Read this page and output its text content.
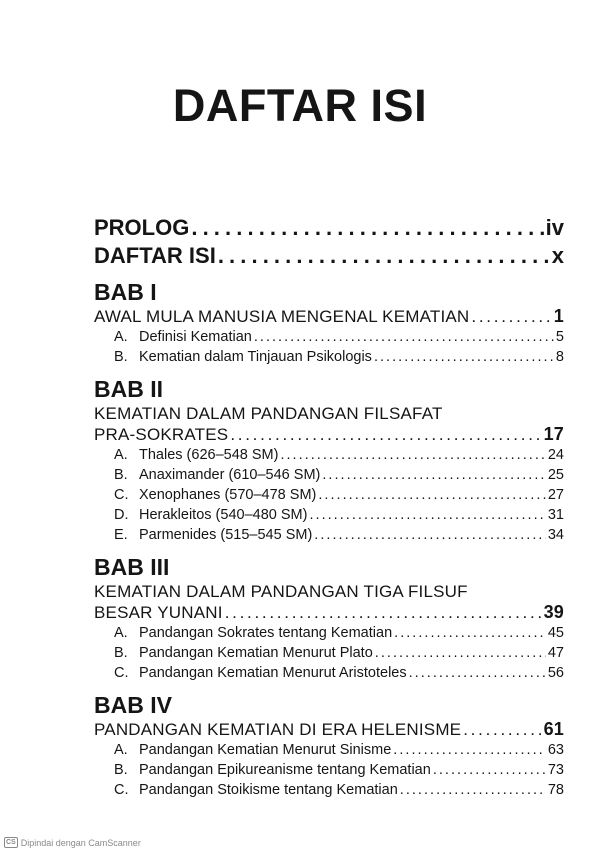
DAFTAR ISI
PROLOG . . .	iv
DAFTAR ISI . . .	x
BAB I
AWAL MULA MANUSIA MENGENAL KEMATIAN . . .	1
A. Definisi Kematian . . .	5
B. Kematian dalam Tinjauan Psikologis . . .	8
BAB II
KEMATIAN DALAM PANDANGAN FILSAFAT
PRA-SOKRATES . . .	17
A. Thales (626–548 SM) . . .	24
B. Anaximander (610–546 SM) . . .	25
C. Xenophanes (570–478 SM) . . .	27
D. Herakleitos (540–480 SM) . . .	31
E. Parmenides (515–545 SM) . . .	34
BAB III
KEMATIAN DALAM PANDANGAN TIGA FILSUF
BESAR YUNANI . . .	39
A. Pandangan Sokrates tentang Kematian . . .	45
B. Pandangan Kematian Menurut Plato . . .	47
C. Pandangan Kematian Menurut Aristoteles . . .	56
BAB IV
PANDANGAN KEMATIAN DI ERA HELENISME . . .	61
A. Pandangan Kematian Menurut Sinisme . . .	63
B. Pandangan Epikureanisme tentang Kematian . . .	73
C. Pandangan Stoikisme tentang Kematian . . .	78
CS Dipindai dengan CamScanner
